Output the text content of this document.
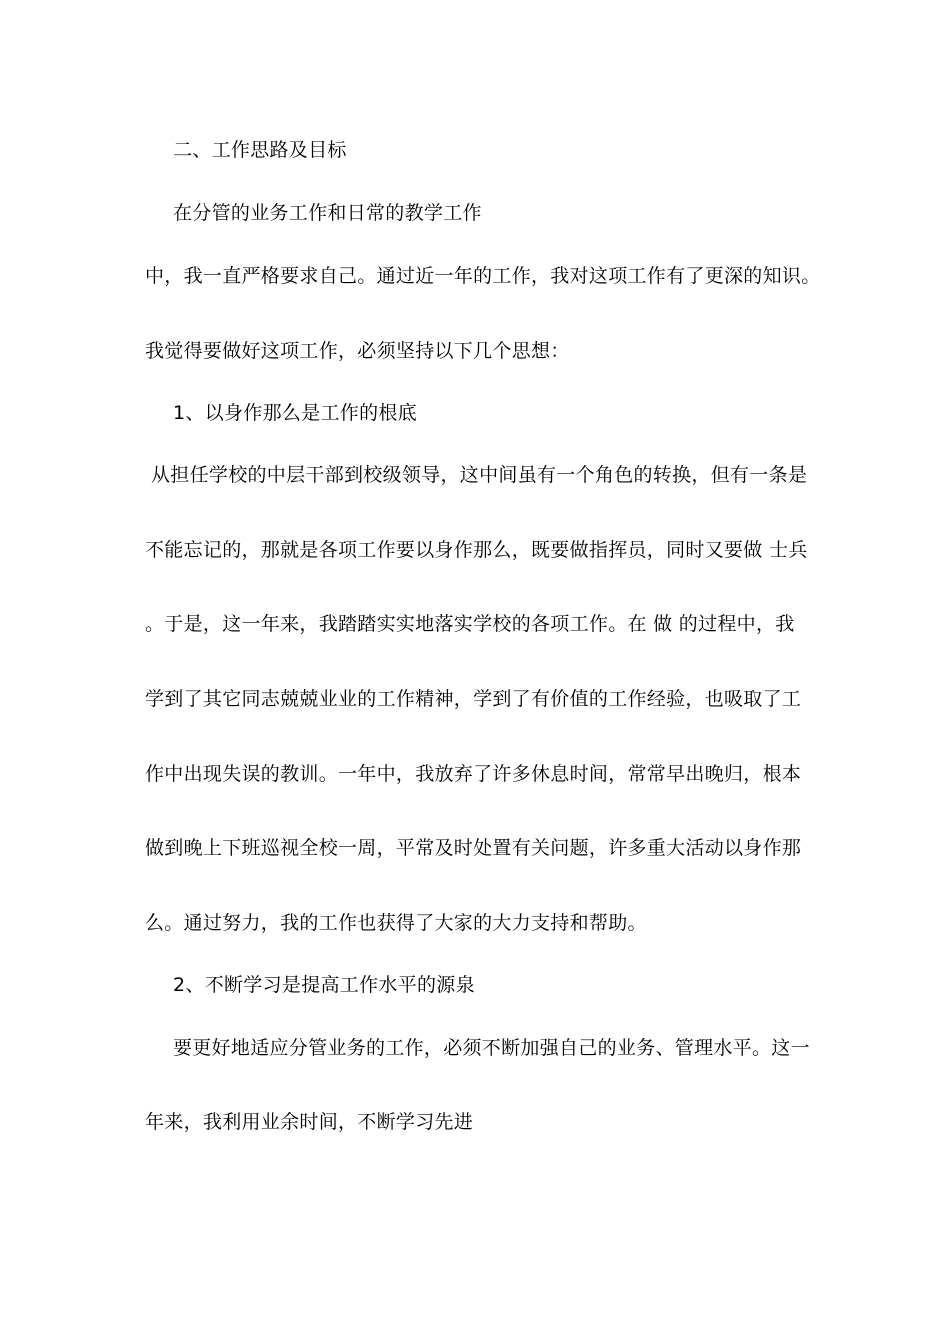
二、工作思路及目标
在分管的业务工作和日常的教学工作
中，我一直严格要求自己。通过近一年的工作，我对这项工作有了更深的知识。
我觉得要做好这项工作，必须坚持以下几个思想：
1、以身作那么是工作的根底
从担任学校的中层干部到校级领导，这中间虽有一个角色的转换，但有一条是
不能忘记的，那就是各项工作要以身作那么，既要做指挥员，同时又要做 士兵
。于是，这一年来，我踏踏实实地落实学校的各项工作。在 做 的过程中，我
学到了其它同志兢兢业业的工作精神，学到了有价值的工作经验，也吸取了工
作中出现失误的教训。一年中，我放弃了许多休息时间，常常早出晚归，根本
做到晚上下班巡视全校一周，平常及时处置有关问题，许多重大活动以身作那
么。通过努力，我的工作也获得了大家的大力支持和帮助。
2、不断学习是提高工作水平的源泉
要更好地适应分管业务的工作，必须不断加强自己的业务、管理水平。这一
年来，我利用业余时间，不断学习先进
